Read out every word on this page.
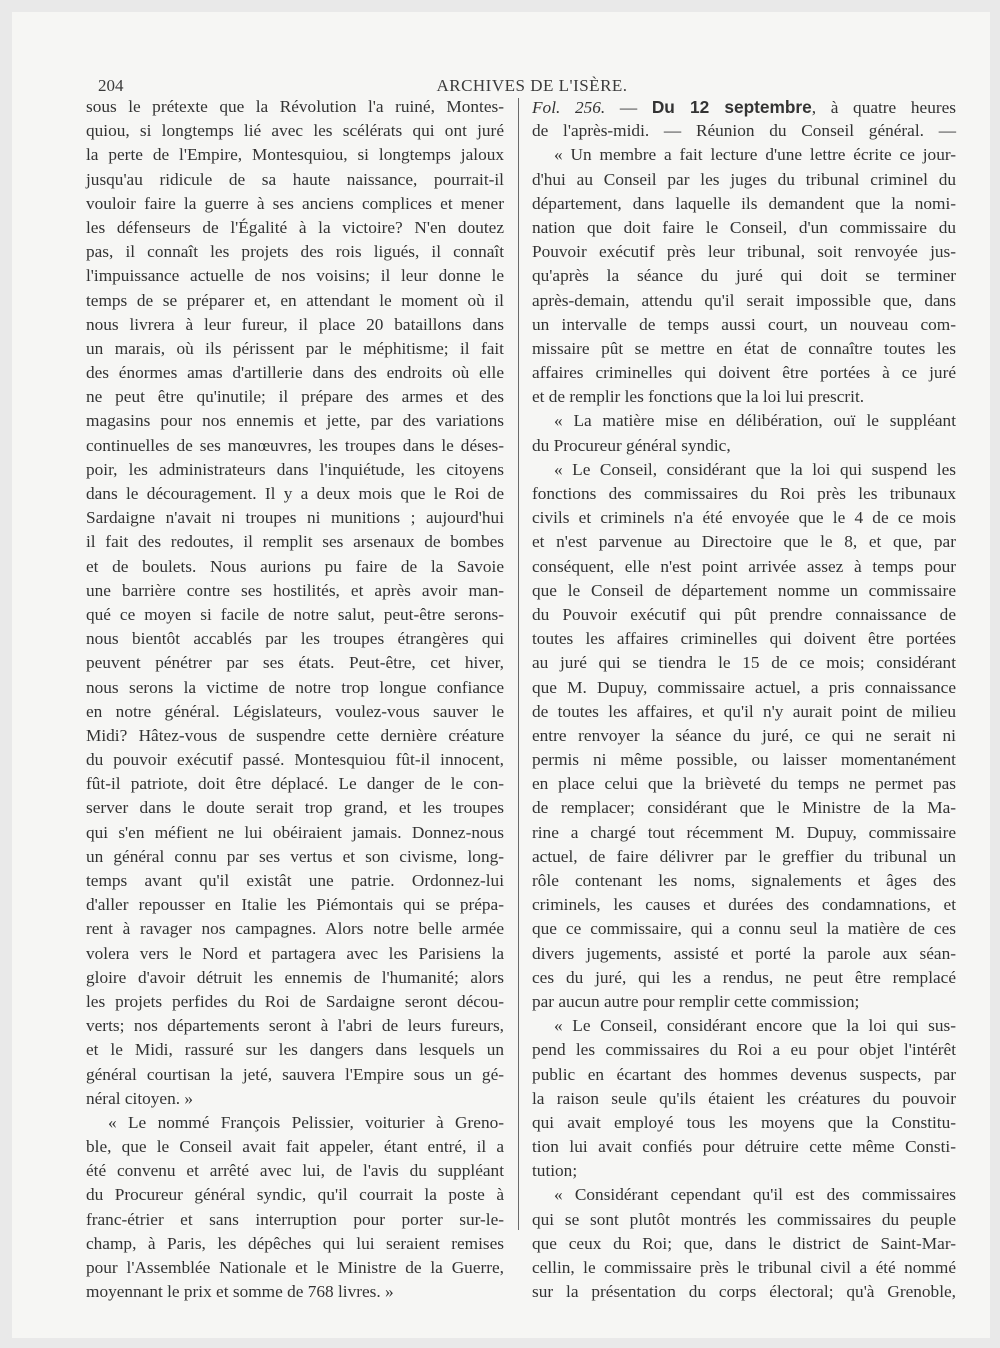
204	ARCHIVES DE L'ISÈRE.
sous le prétexte que la Révolution l'a ruiné, Montes-
quiou, si longtemps lié avec les scélérats qui ont juré
la perte de l'Empire, Montesquiou, si longtemps jaloux
jusqu'au ridicule de sa haute naissance, pourrait-il
vouloir faire la guerre à ses anciens complices et mener
les défenseurs de l'Égalité à la victoire? N'en doutez
pas, il connaît les projets des rois ligués, il connaît
l'impuissance actuelle de nos voisins; il leur donne le
temps de se préparer et, en attendant le moment où il
nous livrera à leur fureur, il place 20 bataillons dans
un marais, où ils périssent par le méphitisme; il fait
des énormes amas d'artillerie dans des endroits où elle
ne peut être qu'inutile; il prépare des armes et des
magasins pour nos ennemis et jette, par des variations
continuelles de ses manœuvres, les troupes dans le déses-
poir, les administrateurs dans l'inquiétude, les citoyens
dans le découragement. Il y a deux mois que le Roi de
Sardaigne n'avait ni troupes ni munitions ; aujourd'hui
il fait des redoutes, il remplit ses arsenaux de bombes
et de boulets. Nous aurions pu faire de la Savoie
une barrière contre ses hostilités, et après avoir man-
qué ce moyen si facile de notre salut, peut-être serons-
nous bientôt accablés par les troupes étrangères qui
peuvent pénétrer par ses états. Peut-être, cet hiver,
nous serons la victime de notre trop longue confiance
en notre général. Législateurs, voulez-vous sauver le
Midi? Hâtez-vous de suspendre cette dernière créature
du pouvoir exécutif passé. Montesquiou fût-il innocent,
fût-il patriote, doit être déplacé. Le danger de le con-
server dans le doute serait trop grand, et les troupes
qui s'en méfient ne lui obéiraient jamais. Donnez-nous
un général connu par ses vertus et son civisme, long-
temps avant qu'il existât une patrie. Ordonnez-lui
d'aller repousser en Italie les Piémontais qui se prépa-
rent à ravager nos campagnes. Alors notre belle armée
volera vers le Nord et partagera avec les Parisiens la
gloire d'avoir détruit les ennemis de l'humanité; alors
les projets perfides du Roi de Sardaigne seront décou-
verts; nos départements seront à l'abri de leurs fureurs,
et le Midi, rassuré sur les dangers dans lesquels un
général courtisan la jeté, sauvera l'Empire sous un gé-
néral citoyen. »
« Le nommé François Pelissier, voiturier à Greno-
ble, que le Conseil avait fait appeler, étant entré, il a
été convenu et arrêté avec lui, de l'avis du suppléant
du Procureur général syndic, qu'il courrait la poste à
franc-étrier et sans interruption pour porter sur-le-
champ, à Paris, les dépêches qui lui seraient remises
pour l'Assemblée Nationale et le Ministre de la Guerre,
moyennant le prix et somme de 768 livres. »
Fol. 256. — Du 12 septembre, à quatre heures
de l'après-midi. — Réunion du Conseil général. —
« Un membre a fait lecture d'une lettre écrite ce jour-
d'hui au Conseil par les juges du tribunal criminel du
département, dans laquelle ils demandent que la nomi-
nation que doit faire le Conseil, d'un commissaire du
Pouvoir exécutif près leur tribunal, soit renvoyée jus-
qu'après la séance du juré qui doit se terminer
après-demain, attendu qu'il serait impossible que, dans
un intervalle de temps aussi court, un nouveau com-
missaire pût se mettre en état de connaître toutes les
affaires criminelles qui doivent être portées à ce juré
et de remplir les fonctions que la loi lui prescrit.
« La matière mise en délibération, ouï le suppléant
du Procureur général syndic,
« Le Conseil, considérant que la loi qui suspend les
fonctions des commissaires du Roi près les tribunaux
civils et criminels n'a été envoyée que le 4 de ce mois
et n'est parvenue au Directoire que le 8, et que, par
conséquent, elle n'est point arrivée assez à temps pour
que le Conseil de département nomme un commissaire
du Pouvoir exécutif qui pût prendre connaissance de
toutes les affaires criminelles qui doivent être portées
au juré qui se tiendra le 15 de ce mois; considérant
que M. Dupuy, commissaire actuel, a pris connaissance
de toutes les affaires, et qu'il n'y aurait point de milieu
entre renvoyer la séance du juré, ce qui ne serait ni
permis ni même possible, ou laisser momentanément
en place celui que la brièveté du temps ne permet pas
de remplacer; considérant que le Ministre de la Ma-
rine a chargé tout récemment M. Dupuy, commissaire
actuel, de faire délivrer par le greffier du tribunal un
rôle contenant les noms, signalements et âges des
criminels, les causes et durées des condamnations, et
que ce commissaire, qui a connu seul la matière de ces
divers jugements, assisté et porté la parole aux séan-
ces du juré, qui les a rendus, ne peut être remplacé
par aucun autre pour remplir cette commission;
« Le Conseil, considérant encore que la loi qui sus-
pend les commissaires du Roi a eu pour objet l'intérêt
public en écartant des hommes devenus suspects, par
la raison seule qu'ils étaient les créatures du pouvoir
qui avait employé tous les moyens que la Constitu-
tion lui avait confiés pour détruire cette même Consti-
tution;
« Considérant cependant qu'il est des commissaires
qui se sont plutôt montrés les commissaires du peuple
que ceux du Roi; que, dans le district de Saint-Mar-
cellin, le commissaire près le tribunal civil a été nommé
sur la présentation du corps électoral; qu'à Grenoble,
